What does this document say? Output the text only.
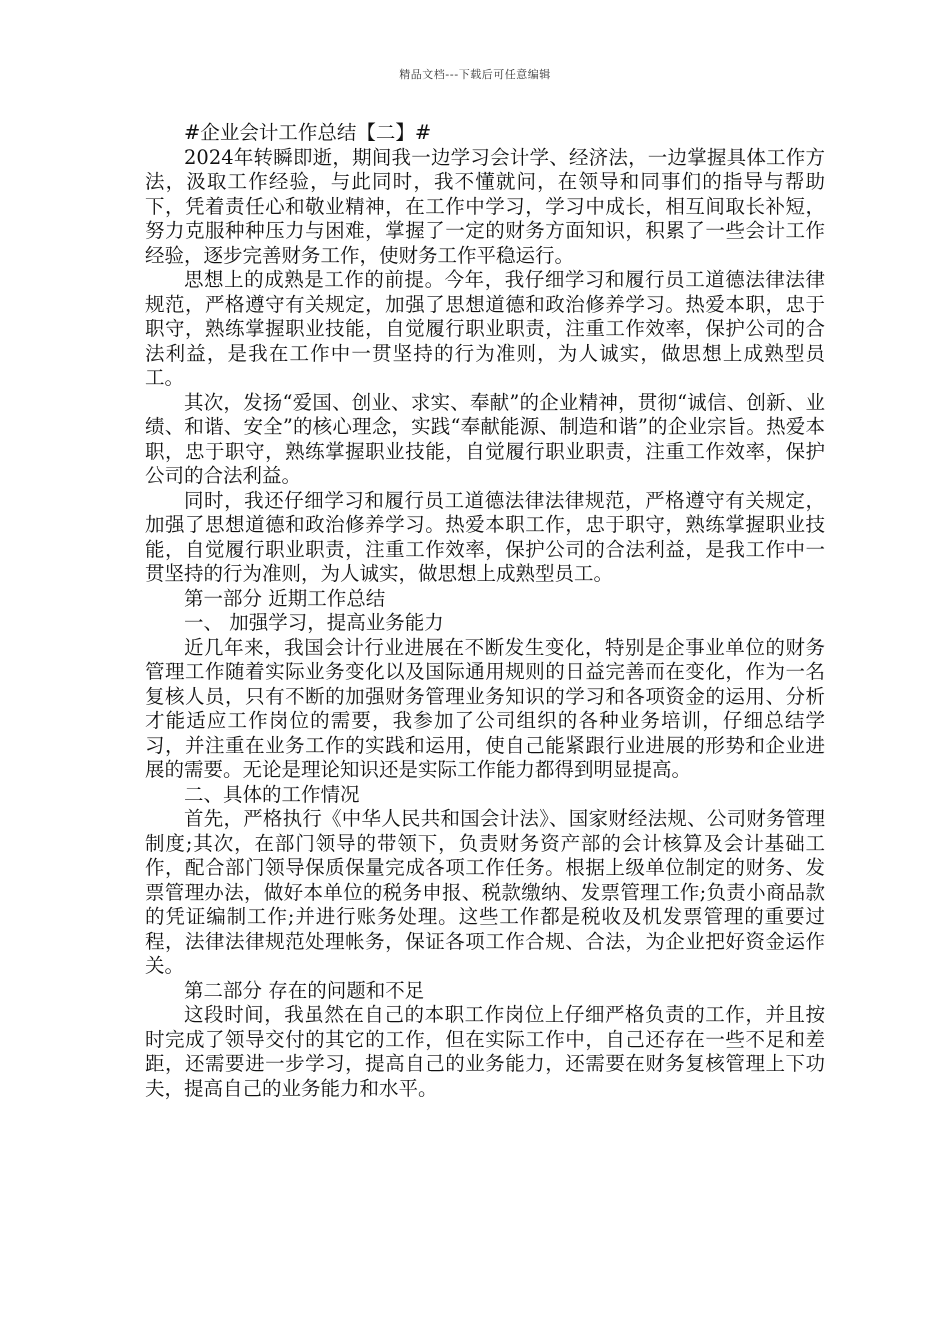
精品文档---下载后可任意编辑

#企业会计工作总结【二】#

2024年转瞬即逝，期间我一边学习会计学、经济法，一边掌握具体工作方法，汲取工作经验，与此同时，我不懂就问，在领导和同事们的指导与帮助下，凭着责任心和敬业精神，在工作中学习，学习中成长，相互间取长补短，努力克服种种压力与困难，掌握了一定的财务方面知识，积累了一些会计工作经验，逐步完善财务工作，使财务工作平稳运行。

思想上的成熟是工作的前提。今年，我仔细学习和履行员工道德法律法律规范，严格遵守有关规定，加强了思想道德和政治修养学习。热爱本职，忠于职守，熟练掌握职业技能，自觉履行职业职责，注重工作效率，保护公司的合法利益，是我在工作中一贯坚持的行为准则，为人诚实，做思想上成熟型员工。

其次，发扬“爱国、创业、求实、奉献”的企业精神，贯彻“诚信、创新、业绩、和谐、安全”的核心理念，实践“奉献能源、制造和谐”的企业宗旨。热爱本职，忠于职守，熟练掌握职业技能，自觉履行职业职责，注重工作效率，保护公司的合法利益。

同时，我还仔细学习和履行员工道德法律法律规范，严格遵守有关规定，加强了思想道德和政治修养学习。热爱本职工作，忠于职守，熟练掌握职业技能，自觉履行职业职责，注重工作效率，保护公司的合法利益，是我工作中一贯坚持的行为准则，为人诚实，做思想上成熟型员工。

第一部分 近期工作总结

一、 加强学习，提高业务能力

近几年来，我国会计行业进展在不断发生变化，特别是企事业单位的财务管理工作随着实际业务变化以及国际通用规则的日益完善而在变化，作为一名复核人员，只有不断的加强财务管理业务知识的学习和各项资金的运用、分析才能适应工作岗位的需要，我参加了公司组织的各种业务培训，仔细总结学习，并注重在业务工作的实践和运用，使自己能紧跟行业进展的形势和企业进展的需要。无论是理论知识还是实际工作能力都得到明显提高。

二、具体的工作情况

首先，严格执行《中华人民共和国会计法》、国家财经法规、公司财务管理制度;其次，在部门领导的带领下，负责财务资产部的会计核算及会计基础工作，配合部门领导保质保量完成各项工作任务。根据上级单位制定的财务、发票管理办法，做好本单位的税务申报、税款缴纳、发票管理工作;负责小商品款的凭证编制工作;并进行账务处理。这些工作都是税收及机发票管理的重要过程，法律法律规范处理帐务，保证各项工作合规、合法，为企业把好资金运作关。

第二部分 存在的问题和不足

这段时间，我虽然在自己的本职工作岗位上仔细严格负责的工作，并且按时完成了领导交付的其它的工作，但在实际工作中，自己还存在一些不足和差距，还需要进一步学习，提高自己的业务能力，还需要在财务复核管理上下功夫，提高自己的业务能力和水平。
